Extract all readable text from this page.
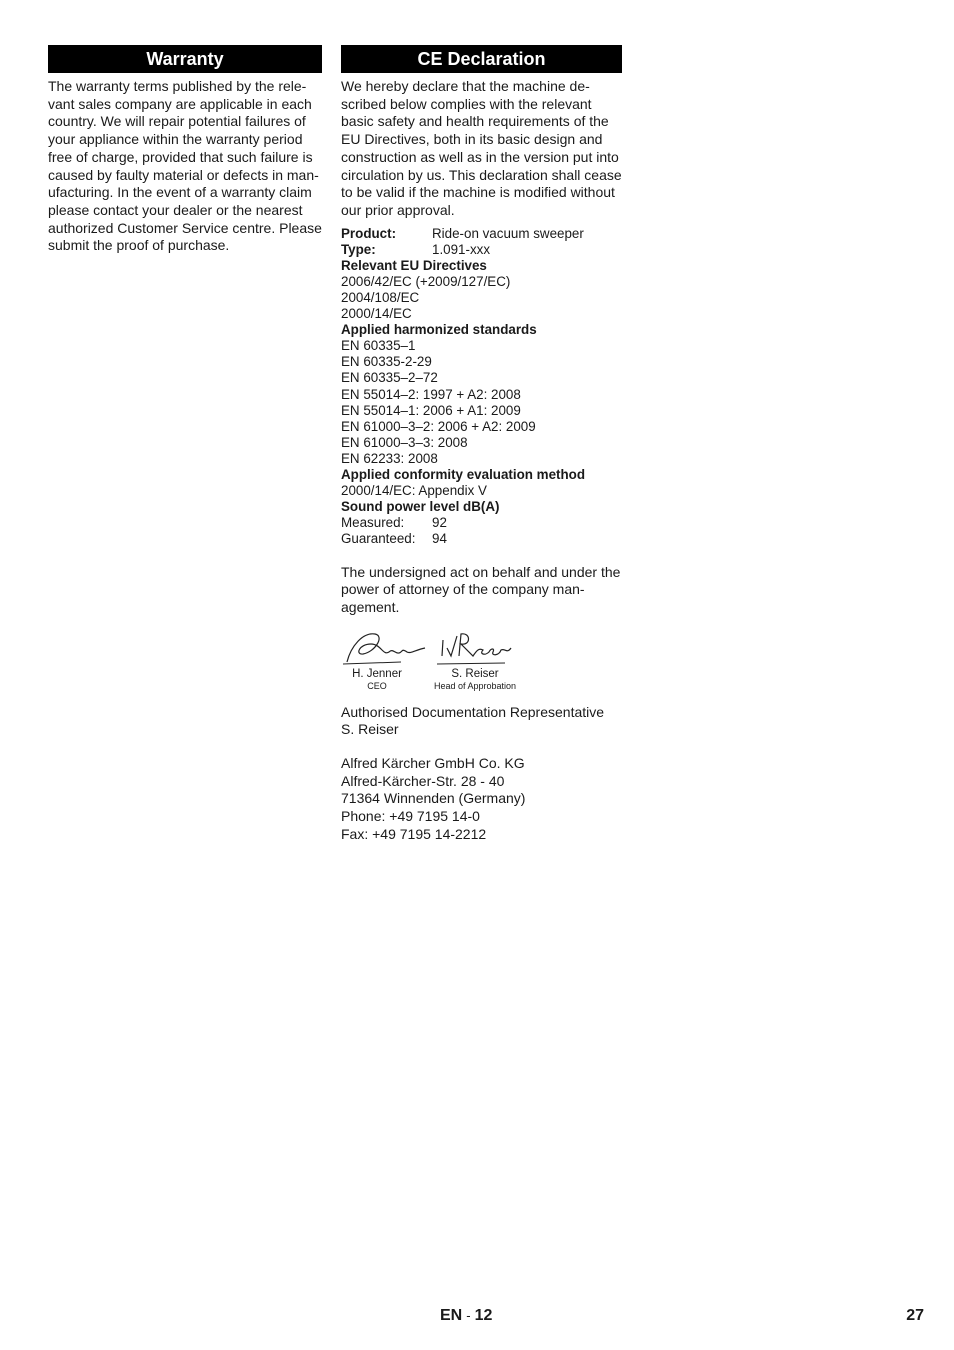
Warranty

The warranty terms published by the rele-vant sales company are applicable in each country. We will repair potential failures of your appliance within the warranty period free of charge, provided that such failure is caused by faulty material or defects in man-ufacturing. In the event of a warranty claim please contact your dealer or the nearest authorized Customer Service centre. Please submit the proof of purchase.

CE Declaration

We hereby declare that the machine de-scribed below complies with the relevant basic safety and health requirements of the EU Directives, both in its basic design and construction as well as in the version put into circulation by us. This declaration shall cease to be valid if the machine is modified without our prior approval.

Product:	Ride-on vacuum sweeper
Type:	1.091-xxx
Relevant EU Directives
2006/42/EC (+2009/127/EC)
2004/108/EC
2000/14/EC
Applied harmonized standards
EN 60335–1
EN 60335-2-29
EN 60335–2–72
EN 55014–2: 1997 + A2: 2008
EN 55014–1: 2006 + A1: 2009
EN 61000–3–2: 2006 + A2: 2009
EN 61000–3–3: 2008
EN 62233: 2008
Applied conformity evaluation method
2000/14/EC: Appendix V
Sound power level dB(A)
Measured:	92
Guaranteed:	94

The undersigned act on behalf and under the power of attorney of the company man-agement.

H. Jenner
CEO
S. Reiser
Head of Approbation

Authorised Documentation Representative

S. Reiser

Alfred Kärcher GmbH Co. KG

Alfred-Kärcher-Str. 28 - 40

71364 Winnenden (Germany)

Phone: +49 7195 14-0

Fax: +49 7195 14-2212

EN - 12	27
